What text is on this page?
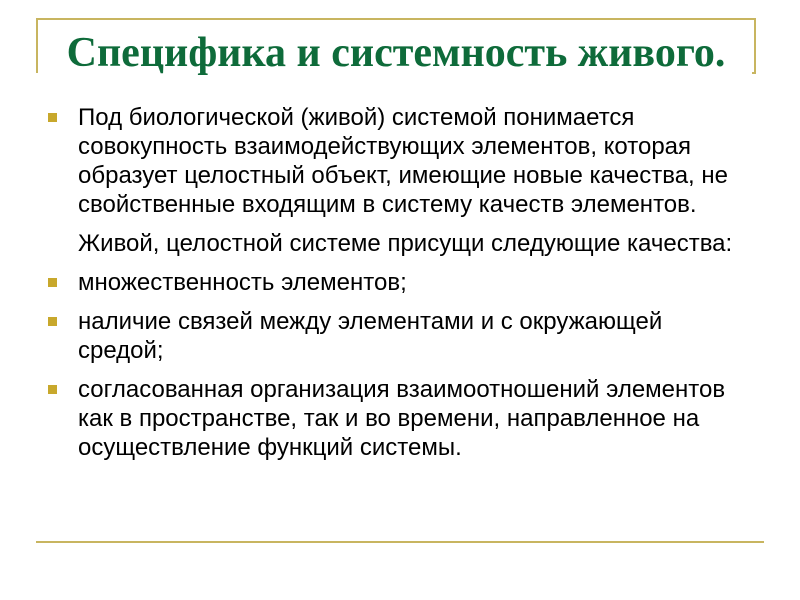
Специфика и системность живого.
Под биологической (живой) системой понимается совокупность взаимодействующих элементов, которая образует целостный объект, имеющие новые качества, не свойственные входящим в систему качеств элементов.
Живой, целостной системе присущи следующие качества:
множественность элементов;
наличие связей между элементами и с окружающей средой;
согласованная организация взаимоотношений элементов как в пространстве, так и во времени, направленное на осуществление функций системы.
